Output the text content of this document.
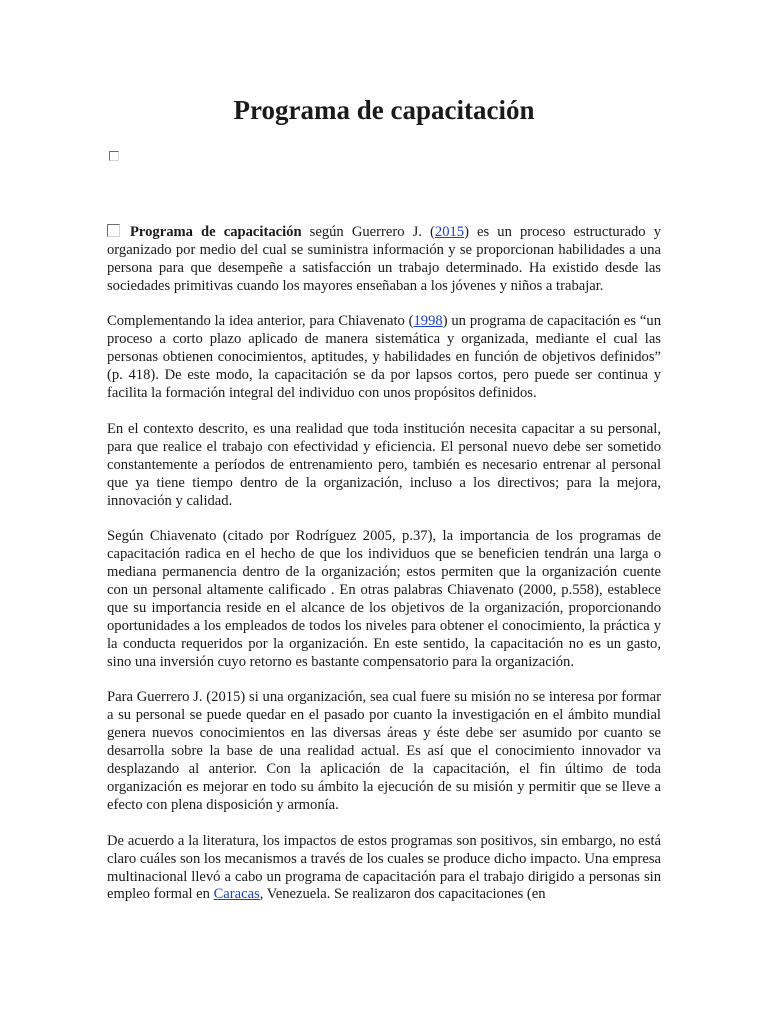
Programa de capacitación

Programa de capacitación según Guerrero J. (2015) es un proceso estructurado y organizado por medio del cual se suministra información y se proporcionan habilidades a una persona para que desempeñe a satisfacción un trabajo determinado. Ha existido desde las sociedades primitivas cuando los mayores enseñaban a los jóvenes y niños a trabajar.

Complementando la idea anterior, para Chiavenato (1998) un programa de capacitación es “un proceso a corto plazo aplicado de manera sistemática y organizada, mediante el cual las personas obtienen conocimientos, aptitudes, y habilidades en función de objetivos definidos” (p. 418). De este modo, la capacitación se da por lapsos cortos, pero puede ser continua y facilita la formación integral del individuo con unos propósitos definidos.

En el contexto descrito, es una realidad que toda institución necesita capacitar a su personal, para que realice el trabajo con efectividad y eficiencia. El personal nuevo debe ser sometido constantemente a períodos de entrenamiento pero, también es necesario entrenar al personal que ya tiene tiempo dentro de la organización, incluso a los directivos; para la mejora, innovación y calidad.

Según Chiavenato (citado por Rodríguez 2005, p.37), la importancia de los programas de capacitación radica en el hecho de que los individuos que se beneficien tendrán una larga o mediana permanencia dentro de la organización; estos permiten que la organización cuente con un personal altamente calificado . En otras palabras Chiavenato (2000, p.558), establece que su importancia reside en el alcance de los objetivos de la organización, proporcionando oportunidades a los empleados de todos los niveles para obtener el conocimiento, la práctica y la conducta requeridos por la organización. En este sentido, la capacitación no es un gasto, sino una inversión cuyo retorno es bastante compensatorio para la organización.

Para Guerrero J. (2015) si una organización, sea cual fuere su misión no se interesa por formar a su personal se puede quedar en el pasado por cuanto la investigación en el ámbito mundial genera nuevos conocimientos en las diversas áreas y éste debe ser asumido por cuanto se desarrolla sobre la base de una realidad actual. Es así que el conocimiento innovador va desplazando al anterior. Con la aplicación de la capacitación, el fin último de toda organización es mejorar en todo su ámbito la ejecución de su misión y permitir que se lleve a efecto con plena disposición y armonía.

De acuerdo a la literatura, los impactos de estos programas son positivos, sin embargo, no está claro cuáles son los mecanismos a través de los cuales se produce dicho impacto. Una empresa multinacional llevó a cabo un programa de capacitación para el trabajo dirigido a personas sin empleo formal en Caracas, Venezuela. Se realizaron dos capacitaciones (en
